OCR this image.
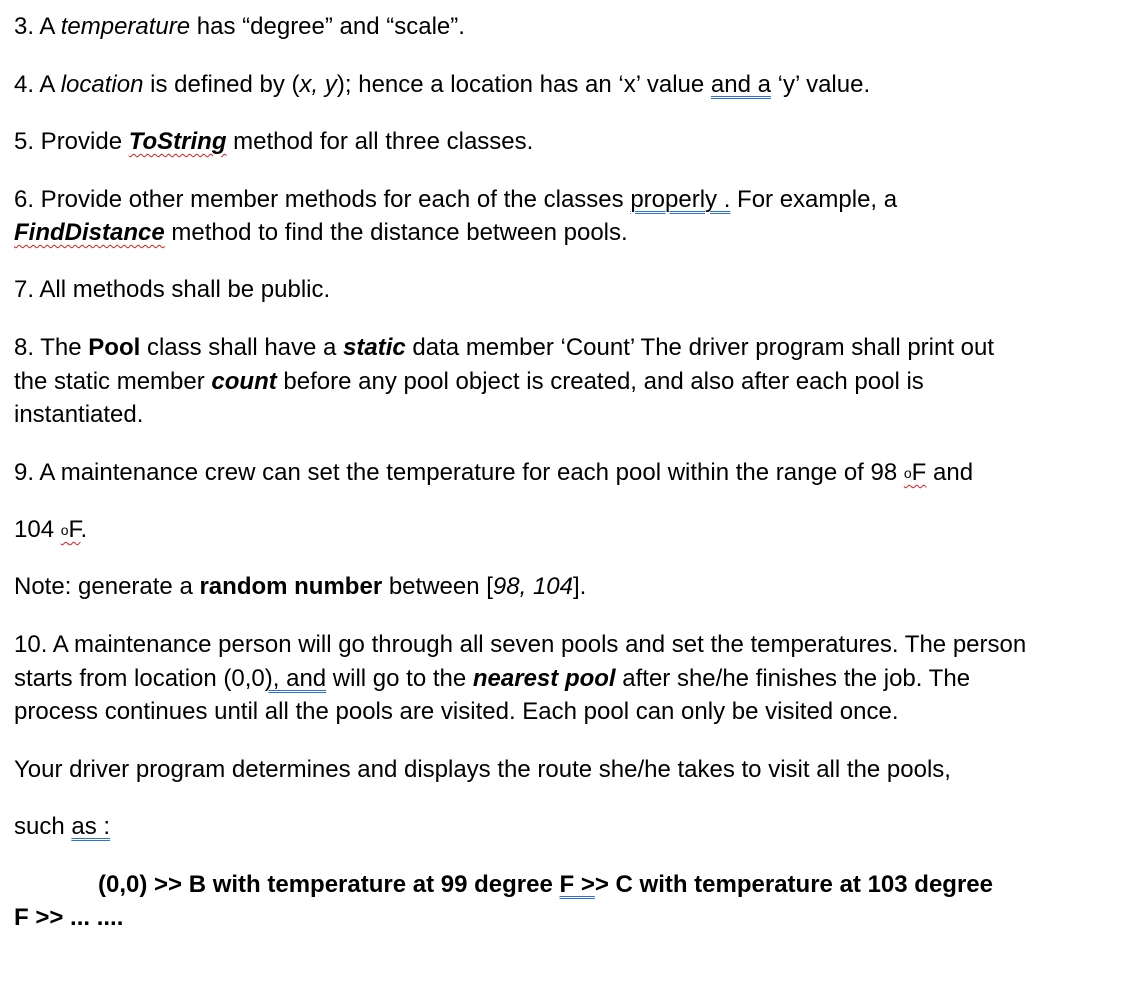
3. A temperature has “degree” and “scale”.
4. A location is defined by (x, y); hence a location has an ‘x’ value and a ‘y’ value.
5. Provide ToString method for all three classes.
6. Provide other member methods for each of the classes properly . For example, a
FindDistance method to find the distance between pools.
7. All methods shall be public.
8. The Pool class shall have a static data member ‘Count’ The driver program shall print out
the static member count before any pool object is created, and also after each pool is
instantiated.
9. A maintenance crew can set the temperature for each pool within the range of 98 $^o$F and
104 $^o$F.
Note: generate a random number between [98, 104].
10. A maintenance person will go through all seven pools and set the temperatures. The person
starts from location (0,0), and will go to the nearest pool after she/he finishes the job. The
process continues until all the pools are visited. Each pool can only be visited once.
Your driver program determines and displays the route she/he takes to visit all the pools,
such as :
(0,0) >> B with temperature at 99 degree F >> C with temperature at 103 degree
F >> ... ....
